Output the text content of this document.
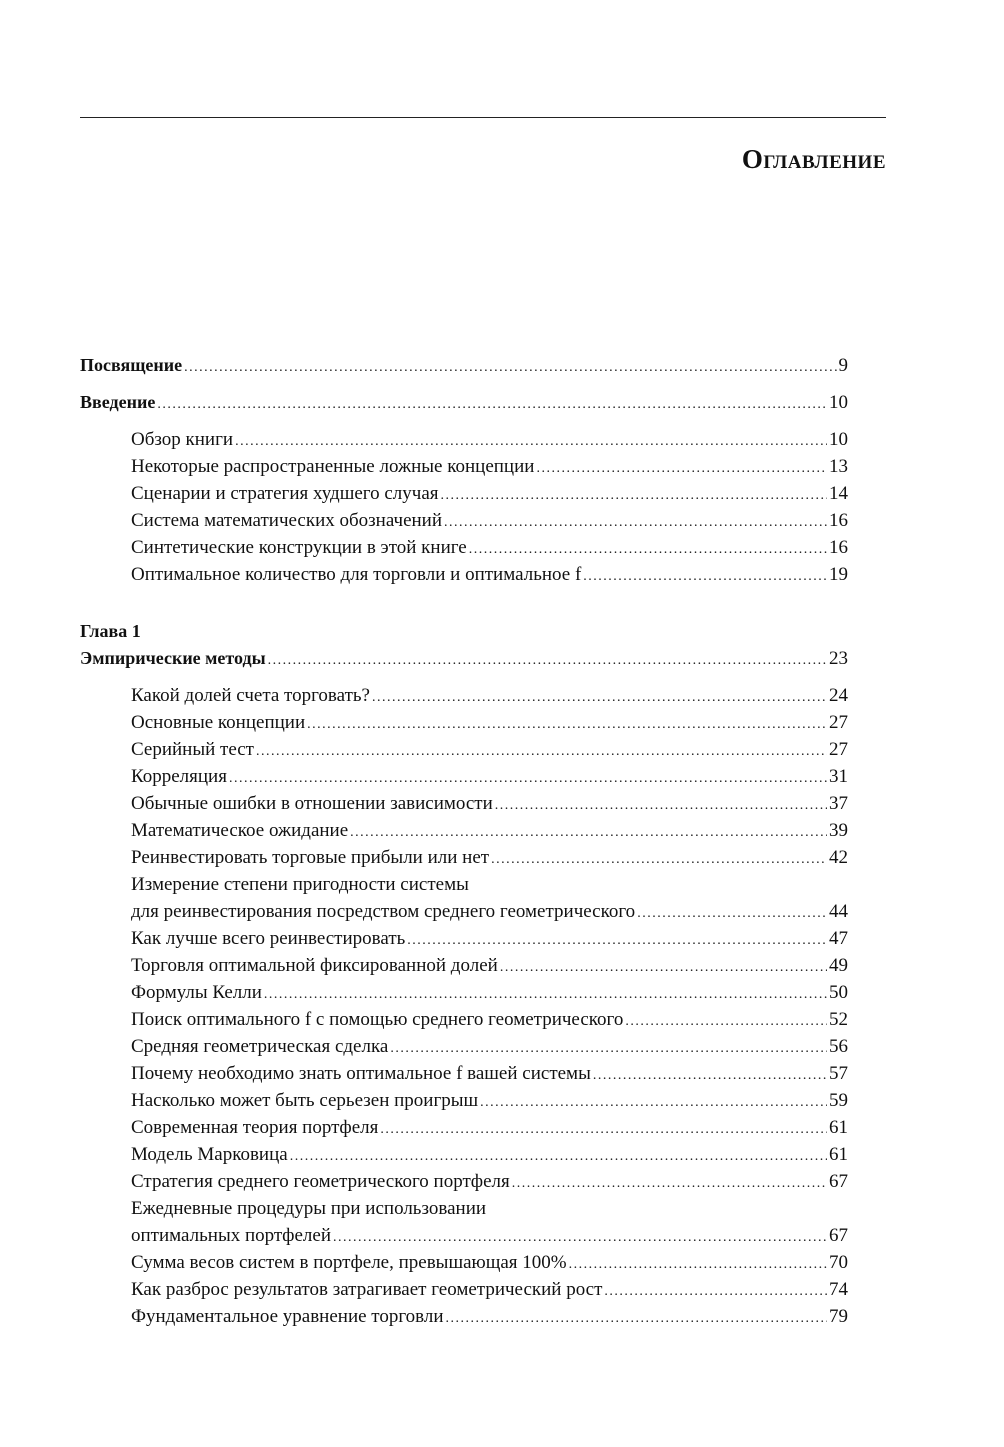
Оглавление
Посвящение .....	9
Введение .....	10
Обзор книги .....	10
Некоторые распространенные ложные концепции .....	13
Сценарии и стратегия худшего случая .....	14
Система математических обозначений .....	16
Синтетические конструкции в этой книге .....	16
Оптимальное количество для торговли и оптимальное f .....	19
Глава 1
Эмпирические методы .....	23
Какой долей счета торговать? .....	24
Основные концепции .....	27
Серийный тест .....	27
Корреляция .....	31
Обычные ошибки в отношении зависимости .....	37
Математическое ожидание .....	39
Реинвестировать торговые прибыли или нет .....	42
Измерение степени пригодности системы
для реинвестирования посредством среднего геометрического .....	44
Как лучше всего реинвестировать .....	47
Торговля оптимальной фиксированной долей .....	49
Формулы Келли .....	50
Поиск оптимального f с помощью среднего геометрического .....	52
Средняя геометрическая сделка .....	56
Почему необходимо знать оптимальное f вашей системы .....	57
Насколько может быть серьезен проигрыш .....	59
Современная теория портфеля .....	61
Модель Марковица .....	61
Стратегия среднего геометрического портфеля .....	67
Ежедневные процедуры при использовании
оптимальных портфелей .....	67
Сумма весов систем в портфеле, превышающая 100% .....	70
Как разброс результатов затрагивает геометрический рост .....	74
Фундаментальное уравнение торговли .....	79
